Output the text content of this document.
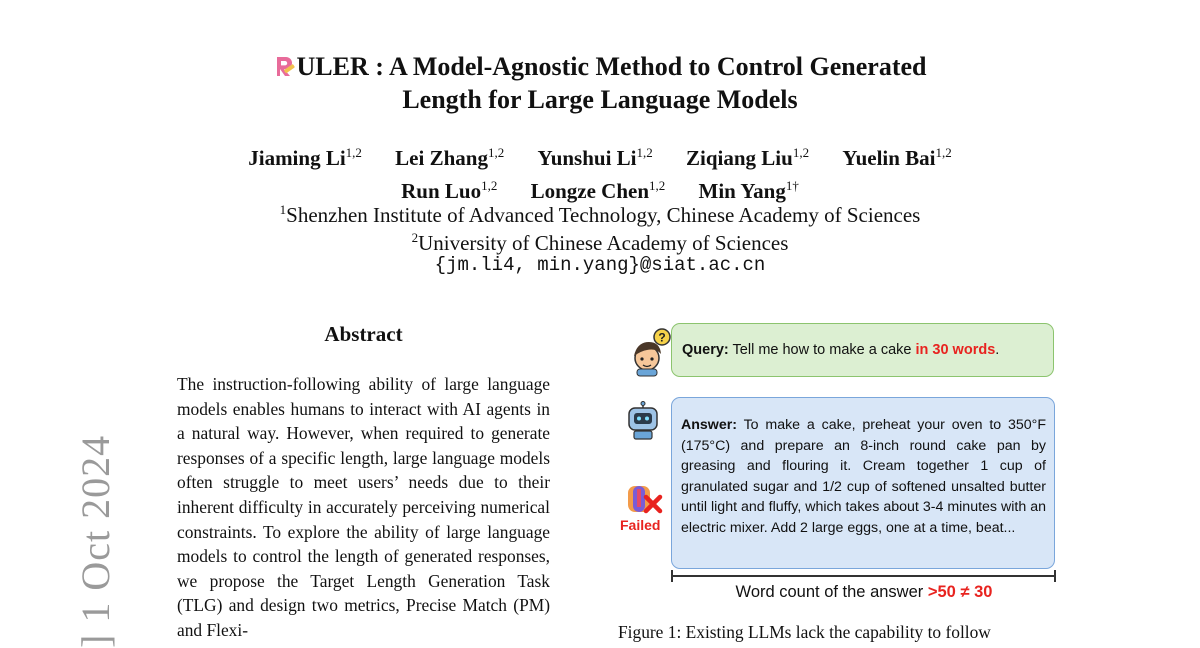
] 1 Oct 2024
ULER : A Model-Agnostic Method to Control Generated
Length for Large Language Models
Jiaming Li$^{1,2}$ Lei Zhang$^{1,2}$ Yunshui Li$^{1,2}$ Ziqiang Liu$^{1,2}$ Yuelin Bai$^{1,2}$
Run Luo$^{1,2}$ Longze Chen$^{1,2}$ Min Yang$^{1\dagger}$
$^1$Shenzhen Institute of Advanced Technology, Chinese Academy of Sciences
$^2$University of Chinese Academy of Sciences
{jm.li4, min.yang}@siat.ac.cn
Abstract
The instruction-following ability of large language models enables humans to interact with AI agents in a natural way. However, when required to generate responses of a specific length, large language models often struggle to meet users’ needs due to their inherent difficulty in accurately perceiving numerical constraints. To explore the ability of large language models to control the length of generated responses, we propose the Target Length Generation Task (TLG) and design two metrics, Precise Match (PM) and Flexi-
?
Query: Tell me how to make a cake in 30 words.
Failed
Answer: To make a cake, preheat your oven to 350°F (175°C) and prepare an 8-inch round cake pan by greasing and flouring it. Cream together 1 cup of granulated sugar and 1/2 cup of softened unsalted butter until light and fluffy, which takes about 3-4 minutes with an electric mixer. Add 2 large eggs, one at a time, beat...
Word count of the answer >50 ≠ 30
Figure 1: Existing LLMs lack the capability to follow
